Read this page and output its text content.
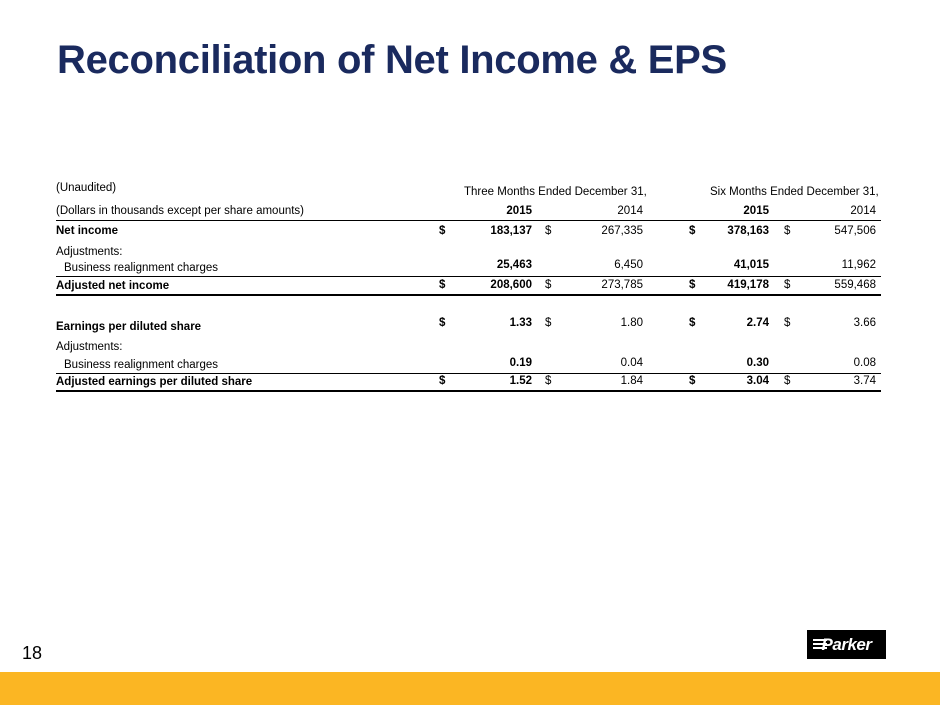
Reconciliation of Net Income & EPS
(Unaudited)	Three Months Ended December 31,	Six Months Ended December 31,
(Dollars in thousands except per share amounts)	2015	2014	2015	2014
Net income	$	183,137 $	267,335	$	378,163 $	547,506
Adjustments:
Business realignment charges	25,463	6,450	41,015	11,962
Adjusted net income	$	208,600 $	273,785	$	419,178 $	559,468
Earnings per diluted share	$	1.33 $	1.80	$	2.74 $	3.66
Adjustments:
Business realignment charges	0.19	0.04	0.30	0.08
Adjusted earnings per diluted share	$	1.52 $	1.84	$	3.04 $	3.74
18	Parker
